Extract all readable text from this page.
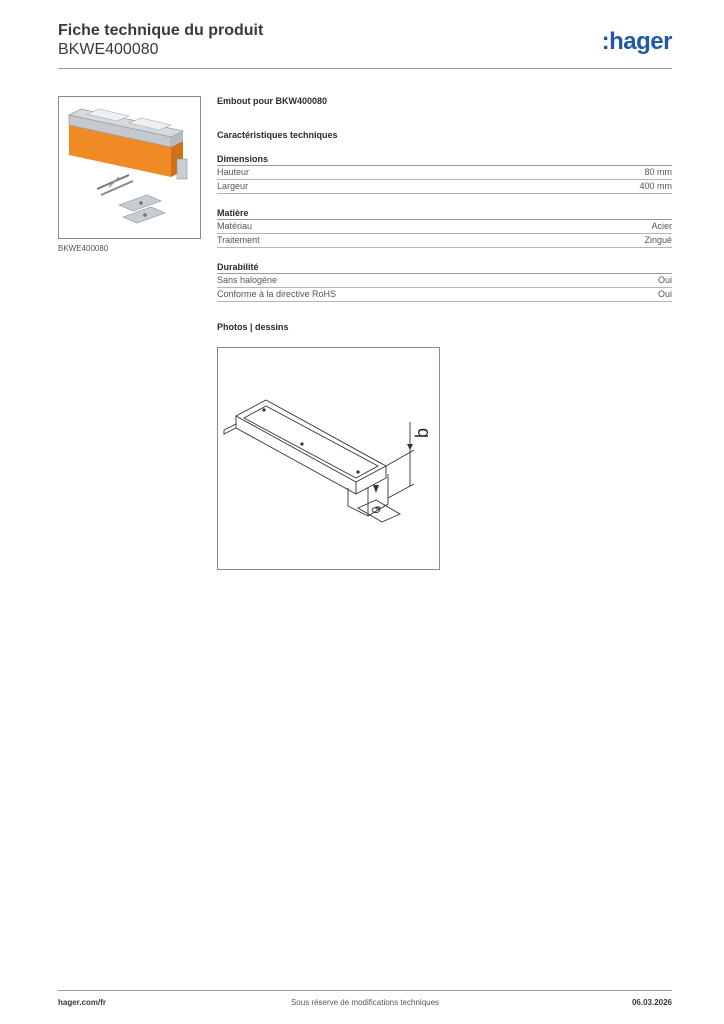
Fiche technique du produit
BKWE400080	:hager
BKWE400080
Embout pour BKW400080
Caractéristiques techniques
Dimensions
Hauteur	80 mm
Largeur	400 mm
Matière
Matériau	Acier
Traitement	Zingué
Durabilité
Sans halogène	Oui
Conforme à la directive RoHS	Oui
Photos | dessins
b
hager.com/fr	Sous réserve de modifications techniques	06.03.2026
